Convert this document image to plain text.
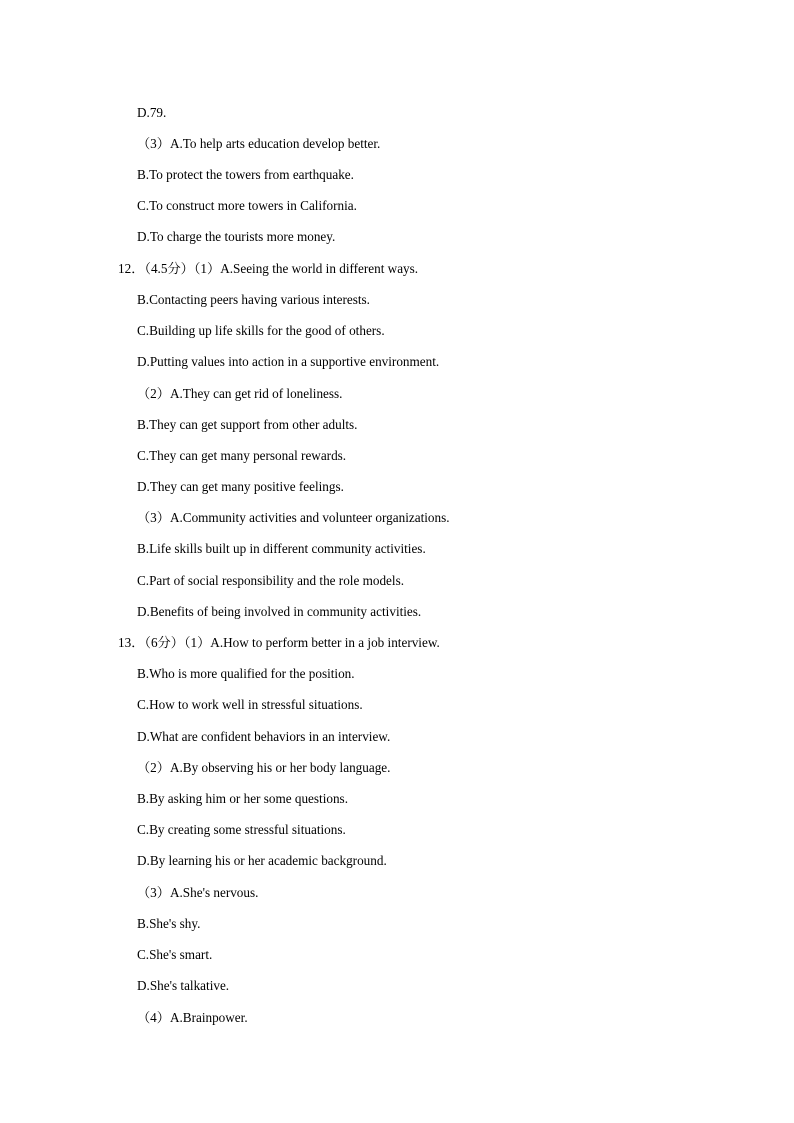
D.79.
（3）A.To help arts education develop better.
B.To protect the towers from earthquake.
C.To construct more towers in California.
D.To charge the tourists more money.
12．（4.5分）（1）A.Seeing the world in different ways.
B.Contacting peers having various interests.
C.Building up life skills for the good of others.
D.Putting values into action in a supportive environment.
（2）A.They can get rid of loneliness.
B.They can get support from other adults.
C.They can get many personal rewards.
D.They can get many positive feelings.
（3）A.Community activities and volunteer organizations.
B.Life skills built up in different community activities.
C.Part of social responsibility and the role models.
D.Benefits of being involved in community activities.
13．（6分）（1）A.How to perform better in a job interview.
B.Who is more qualified for the position.
C.How to work well in stressful situations.
D.What are confident behaviors in an interview.
（2）A.By observing his or her body language.
B.By asking him or her some questions.
C.By creating some stressful situations.
D.By learning his or her academic background.
（3）A.She's nervous.
B.She's shy.
C.She's smart.
D.She's talkative.
（4）A.Brainpower.
